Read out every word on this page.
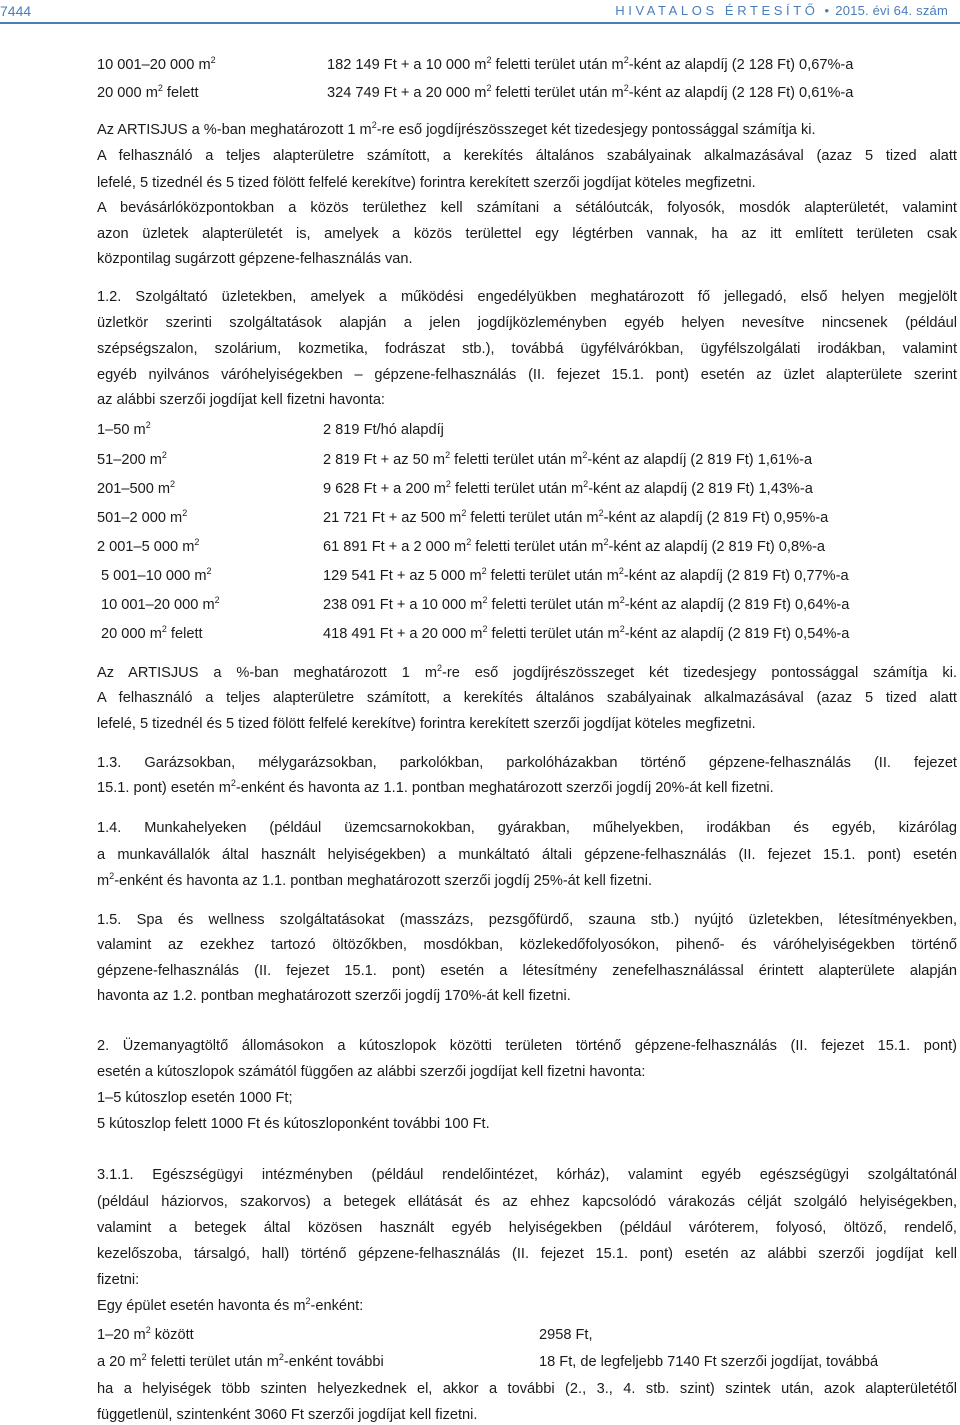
7444	HIVATALOS ÉRTESÍTŐ • 2015. évi 64. szám
10 001–20 000 $m^2$	182 149 Ft + a 10 000 $m^2$ feletti terület után $m^2$-ként az alapdíj (2 128 Ft) 0,67%-a
20 000 $m^2$ felett	324 749 Ft + a 20 000 $m^2$ feletti terület után $m^2$-ként az alapdíj (2 128 Ft) 0,61%-a
Az ARTISJUS a %-ban meghatározott 1 $m^2-re$ eső jogdíjrészösszeget két tizedesjegy pontossággal számítja ki.
A felhasználó a teljes alapterületre számított, a kerekítés általános szabályainak alkalmazásával (azaz 5 tized alatt
lefelé, 5 tizednél és 5 tized fölött felfelé kerekítve) forintra kerekített szerzői jogdíjat köteles megfizetni.
A bevásárlóközpontokban a közös területhez kell számítani a sétálóutcák, folyosók, mosdók alapterületét, valamint
azon üzletek alapterületét is, amelyek a közös területtel egy légtérben vannak, ha az itt említett területen csak
központilag sugárzott gépzene-felhasználás van.
1.2. Szolgáltató üzletekben, amelyek a működési engedélyükben meghatározott fő jellegadó, első helyen megjelölt
üzletkör szerinti szolgáltatások alapján a jelen jogdíjközleményben egyéb helyen nevesítve nincsenek (például
szépségszalon, szolárium, kozmetika, fodrászat stb.), továbbá ügyfélvárókban, ügyfélszolgálati irodákban, valamint
egyéb nyilvános váróhelyiségekben – gépzene-felhasználás (II. fejezet 15.1. pont) esetén az üzlet alapterülete szerint
az alábbi szerzői jogdíjat kell fizetni havonta:
1–50 $m^2$	2 819 Ft/hó alapdíj
51–200 $m^2$	2 819 Ft + az 50 $m^2$ feletti terület után $m^2$-ként az alapdíj (2 819 Ft) 1,61%-a
201–500 $m^2$	9 628 Ft + a 200 $m^2$ feletti terület után $m^2$-ként az alapdíj (2 819 Ft) 1,43%-a
501–2 000 $m^2$	21 721 Ft + az 500 $m^2$ feletti terület után $m^2$-ként az alapdíj (2 819 Ft) 0,95%-a
2 001–5 000 $m^2$	61 891 Ft + a 2 000 $m^2$ feletti terület után $m^2$-ként az alapdíj (2 819 Ft) 0,8%-a
5 001–10 000 $m^2$	129 541 Ft + az 5 000 $m^2$ feletti terület után $m^2$-ként az alapdíj (2 819 Ft) 0,77%-a
10 001–20 000 $m^2$	238 091 Ft + a 10 000 $m^2$ feletti terület után $m^2$-ként az alapdíj (2 819 Ft) 0,64%-a
20 000 $m^2$ felett	418 491 Ft + a 20 000 $m^2$ feletti terület után $m^2$-ként az alapdíj (2 819 Ft) 0,54%-a
Az ARTISJUS a %-ban meghatározott 1 $m^2-re$ eső jogdíjrészösszeget két tizedesjegy pontossággal számítja ki.
A felhasználó a teljes alapterületre számított, a kerekítés általános szabályainak alkalmazásával (azaz 5 tized alatt
lefelé, 5 tizednél és 5 tized fölött felfelé kerekítve) forintra kerekített szerzői jogdíjat köteles megfizetni.
1.3. Garázsokban, mélygarázsokban, parkolókban, parkolóházakban történő gépzene-felhasználás (II. fejezet
15.1. pont) esetén $m^2$-enként és havonta az 1.1. pontban meghatározott szerzői jogdíj 20%-át kell fizetni.
1.4. Munkahelyeken (például üzemcsarnokokban, gyárakban, műhelyekben, irodákban és egyéb, kizárólag
a munkavállalók által használt helyiségekben) a munkáltató általi gépzene-felhasználás (II. fejezet 15.1. pont) esetén
$m^2$-enként és havonta az 1.1. pontban meghatározott szerzői jogdíj 25%-át kell fizetni.
1.5. Spa és wellness szolgáltatásokat (masszázs, pezsgőfürdő, szauna stb.) nyújtó üzletekben, létesítményekben,
valamint az ezekhez tartozó öltözőkben, mosdókban, közlekedőfolyosókon, pihenő- és váróhelyiségekben történő
gépzene-felhasználás (II. fejezet 15.1. pont) esetén a létesítmény zenefelhasználással érintett alapterülete alapján
havonta az 1.2. pontban meghatározott szerzői jogdíj 170%-át kell fizetni.
2. Üzemanyagtöltő állomásokon a kútoszlopok közötti területen történő gépzene-felhasználás (II. fejezet 15.1. pont)
esetén a kútoszlopok számától függően az alábbi szerzői jogdíjat kell fizetni havonta:
1–5 kútoszlop esetén 1000 Ft;
5 kútoszlop felett 1000 Ft és kútoszloponként további 100 Ft.
3.1.1. Egészségügyi intézményben (például rendelőintézet, kórház), valamint egyéb egészségügyi szolgáltatónál
(például háziorvos, szakorvos) a betegek ellátását és az ehhez kapcsolódó várakozás célját szolgáló helyiségekben,
valamint a betegek által közösen használt egyéb helyiségekben (például váróterem, folyosó, öltöző, rendelő,
kezelőszoba, társalgó, hall) történő gépzene-felhasználás (II. fejezet 15.1. pont) esetén az alábbi szerzői jogdíjat kell
fizetni:
Egy épület esetén havonta és $m^2$-enként:
1–20 $m^2$ között	2958 Ft,
a 20 $m^2$ feletti terület után $m^2$-enként további	18 Ft, de legfeljebb 7140 Ft szerzői jogdíjat, továbbá
ha a helyiségek több szinten helyezkednek el, akkor a további (2., 3., 4. stb. szint) szintek után, azok alapterületétől
függetlenül, szintenként 3060 Ft szerzői jogdíjat kell fizetni.
